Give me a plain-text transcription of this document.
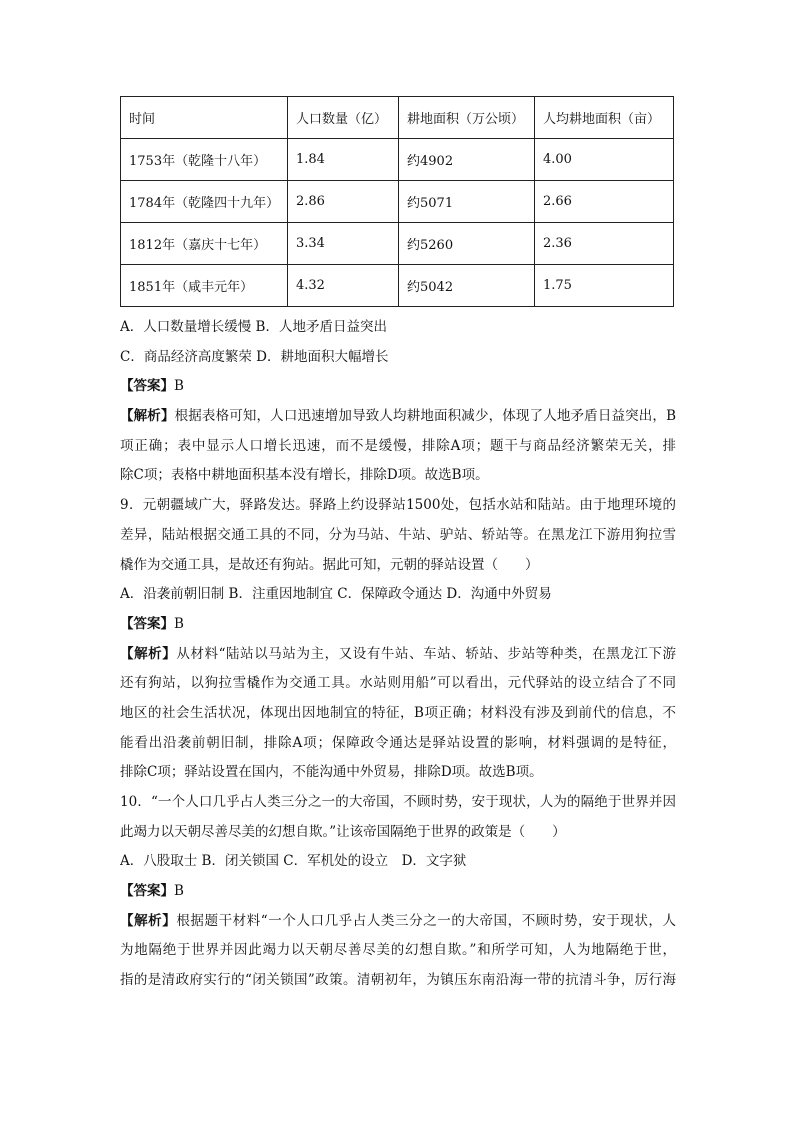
时间	人口数量（亿）	耕地面积（万公顷）	人均耕地面积（亩）
1753年（乾隆十八年）	1.84	约4902	4.00
1784年（乾隆四十九年）	2.86	约5071	2.66
1812年（嘉庆十七年）	3.34	约5260	2.36
1851年（咸丰元年）	4.32	约5042	1.75
A．人口数量增长缓慢 B．人地矛盾日益突出
C．商品经济高度繁荣 D．耕地面积大幅增长
【答案】B
【解析】根据表格可知，人口迅速增加导致人均耕地面积减少，体现了人地矛盾日益突出，B
项正确；表中显示人口增长迅速，而不是缓慢，排除A项；题干与商品经济繁荣无关，排
除C项；表格中耕地面积基本没有增长，排除D项。故选B项。
9．元朝疆域广大，驿路发达。驿路上约设驿站1500处，包括水站和陆站。由于地理环境的
差异，陆站根据交通工具的不同，分为马站、牛站、驴站、轿站等。在黑龙江下游用狗拉雪
橇作为交通工具，是故还有狗站。据此可知，元朝的驿站设置（　　）
A．沿袭前朝旧制 B．注重因地制宜 C．保障政令通达 D．沟通中外贸易
【答案】B
【解析】从材料“陆站以马站为主，又设有牛站、车站、轿站、步站等种类，在黑龙江下游
还有狗站，以狗拉雪橇作为交通工具。水站则用船”可以看出，元代驿站的设立结合了不同
地区的社会生活状况，体现出因地制宜的特征，B项正确；材料没有涉及到前代的信息，不
能看出沿袭前朝旧制，排除A项；保障政令通达是驿站设置的影响，材料强调的是特征，
排除C项；驿站设置在国内，不能沟通中外贸易，排除D项。故选B项。
10．“一个人口几乎占人类三分之一的大帝国，不顾时势，安于现状，人为的隔绝于世界并因
此竭力以天朝尽善尽美的幻想自欺。”让该帝国隔绝于世界的政策是（　　）
A．八股取士 B．闭关锁国 C．军机处的设立　D．文字狱
【答案】B
【解析】根据题干材料“一个人口几乎占人类三分之一的大帝国，不顾时势，安于现状，人
为地隔绝于世界并因此竭力以天朝尽善尽美的幻想自欺。”和所学可知，人为地隔绝于世，
指的是清政府实行的“闭关锁国”政策。清朝初年，为镇压东南沿海一带的抗清斗争，厉行海
